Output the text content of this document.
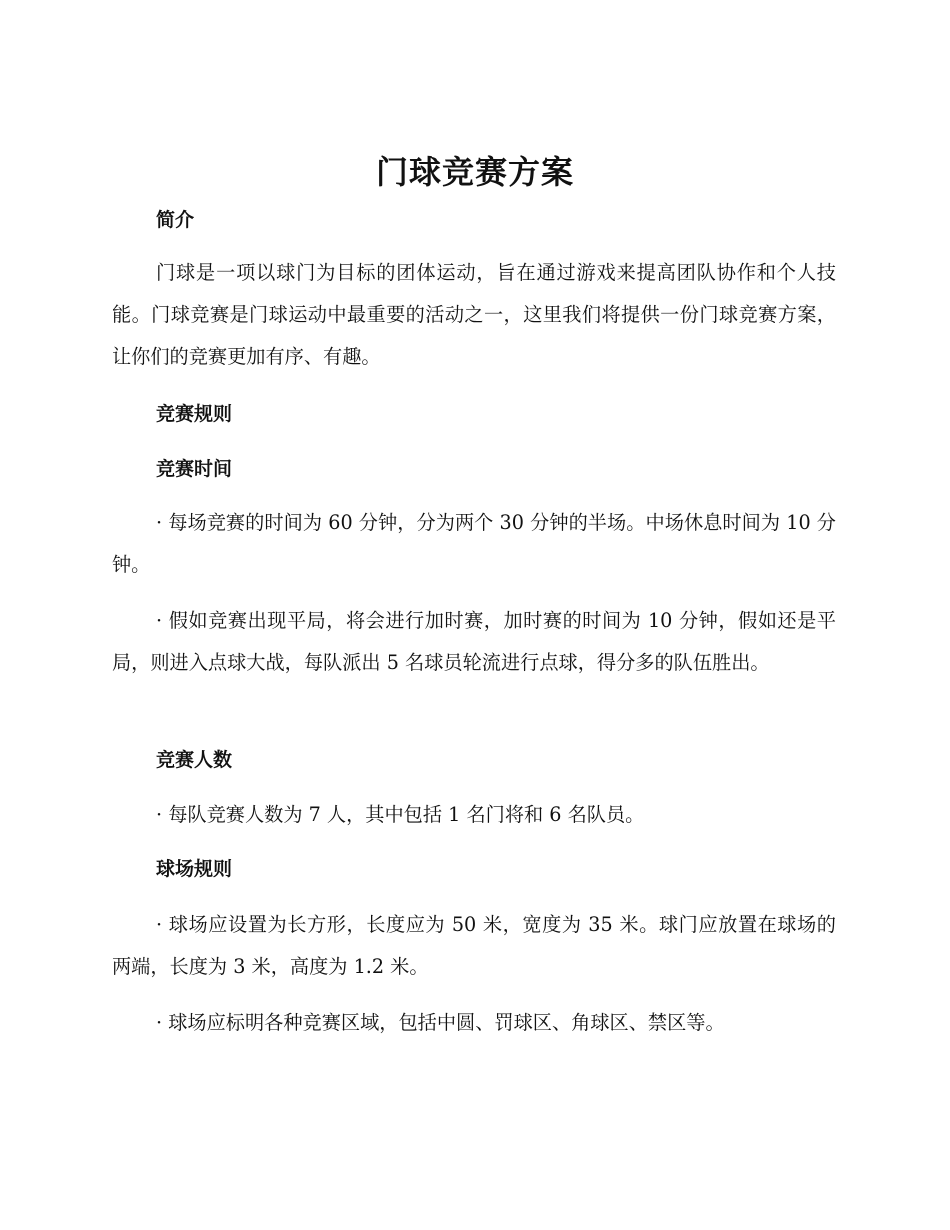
门球竞赛方案
简介
门球是一项以球门为目标的团体运动，旨在通过游戏来提高团队协作和个人技能。门球竞赛是门球运动中最重要的活动之一，这里我们将提供一份门球竞赛方案，让你们的竞赛更加有序、有趣。
竞赛规则
竞赛时间
· 每场竞赛的时间为 60 分钟，分为两个 30 分钟的半场。中场休息时间为 10 分钟。
· 假如竞赛出现平局，将会进行加时赛，加时赛的时间为 10 分钟，假如还是平局，则进入点球大战，每队派出 5 名球员轮流进行点球，得分多的队伍胜出。
竞赛人数
· 每队竞赛人数为 7 人，其中包括 1 名门将和 6 名队员。
球场规则
· 球场应设置为长方形，长度应为 50 米，宽度为 35 米。球门应放置在球场的两端，长度为 3 米，高度为 1.2 米。
· 球场应标明各种竞赛区域，包括中圆、罚球区、角球区、禁区等。
